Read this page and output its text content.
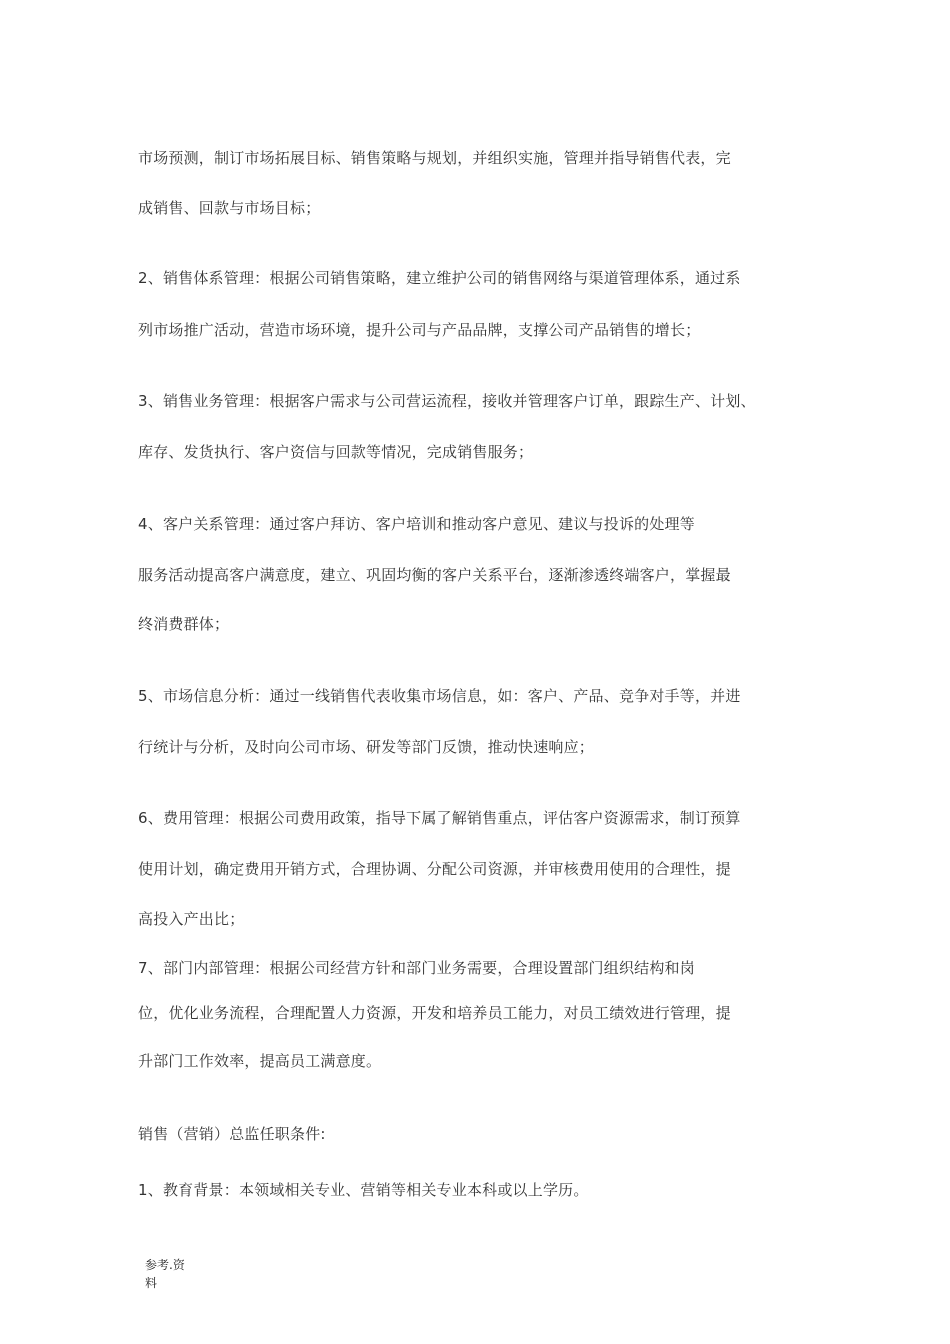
市场预测，制订市场拓展目标、销售策略与规划，并组织实施，管理并指导销售代表，完
成销售、回款与市场目标；
2、销售体系管理：根据公司销售策略，建立维护公司的销售网络与渠道管理体系，通过系
列市场推广活动，营造市场环境，提升公司与产品品牌，支撑公司产品销售的增长；
3、销售业务管理：根据客户需求与公司营运流程，接收并管理客户订单，跟踪生产、计划、
库存、发货执行、客户资信与回款等情况，完成销售服务；
4、客户关系管理：通过客户拜访、客户培训和推动客户意见、建议与投诉的处理等
服务活动提高客户满意度，建立、巩固均衡的客户关系平台，逐渐渗透终端客户，掌握最
终消费群体；
5、市场信息分析：通过一线销售代表收集市场信息，如：客户、产品、竞争对手等，并进
行统计与分析，及时向公司市场、研发等部门反馈，推动快速响应；
6、费用管理：根据公司费用政策，指导下属了解销售重点，评估客户资源需求，制订预算
使用计划，确定费用开销方式，合理协调、分配公司资源，并审核费用使用的合理性，提
高投入产出比；
7、部门内部管理：根据公司经营方针和部门业务需要，合理设置部门组织结构和岗
位，优化业务流程，合理配置人力资源，开发和培养员工能力，对员工绩效进行管理，提
升部门工作效率，提高员工满意度。
销售（营销）总监任职条件:
1、教育背景：本领域相关专业、营销等相关专业本科或以上学历。
参考.资
料
